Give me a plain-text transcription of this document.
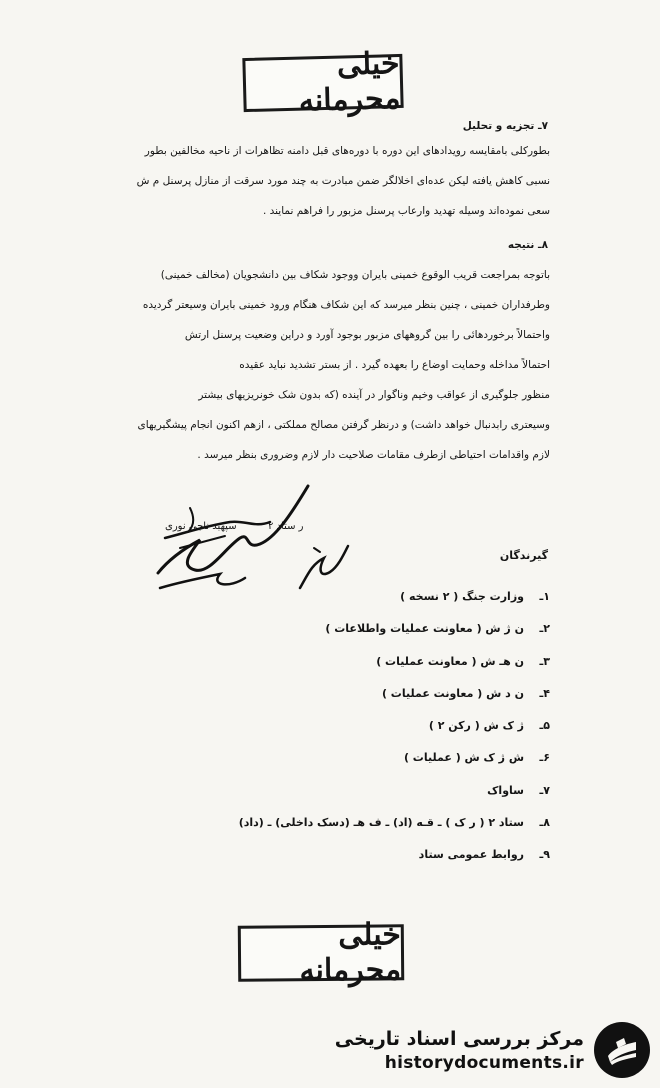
خیلی محرمانه
۷ـ تجزیه و تحلیل
بطورکلی بامقایسه رویدادهای این دوره با دوره‌های قبل دامنه تظاهرات از ناحیه مخالفین بطور
نسبی کاهش یافته لیکن عده‌ای اخلالگر ضمن مبادرت به چند مورد سرقت از منازل پرسنل م ش
سعی نموده‌اند وسیله تهدید وارعاب پرسنل مزبور را فراهم نمایند .
۸ـ نتیجه
باتوجه بمراجعت قریب الوقوع خمینی بایران ووجود شکاف بین دانشجویان (مخالف خمینی)
وطرفداران خمینی ، چنین بنظر میرسد که این شکاف هنگام ورود خمینی بایران وسیعتر گردیده
واحتمالاً برخوردهائی را بین گروههای مزبور بوجود آورد و دراین وضعیت پرسنل ارتش
احتمالاً مداخله وحمایت اوضاع را بعهده گیرد . از بستر تشدید نباید عقیده
منظور جلوگیری از عواقب وخیم وناگوار در آینده (که بدون شک خونریزیهای بیشتر
وسیعتری رابدنبال خواهد داشت) و درنظر گرفتن مصالح مملکتی ، ازهم اکنون انجام پیشگیریهای
لازم واقدامات احتیاطی ازطرف مقامات صلاحیت دار لازم وضروری بنظر میرسد .
ر ستاد ۲
سپهبد ناجی نوری
گیرندگان
۱ـ
وزارت جنگ ( ۲ نسخه )
۲ـ
ن ژ ش ( معاونت عملیات واطلاعات )
۳ـ
ن هـ ش ( معاونت عملیات )
۴ـ
ن د ش ( معاونت عملیات )
۵ـ
ژ ک ش ( رکن ۲ )
۶ـ
ش ژ ک ش ( عملیات )
۷ـ
ساواک
۸ـ
ستاد ۲ ( ر ک ) ـ قـه (اد) ـ ف هـ (دسک داخلی) ـ (داد)
۹ـ
روابط عمومی ستاد
خیلی محرمانه
مرکز بررسی اسناد تاریخی
historydocuments.ir
